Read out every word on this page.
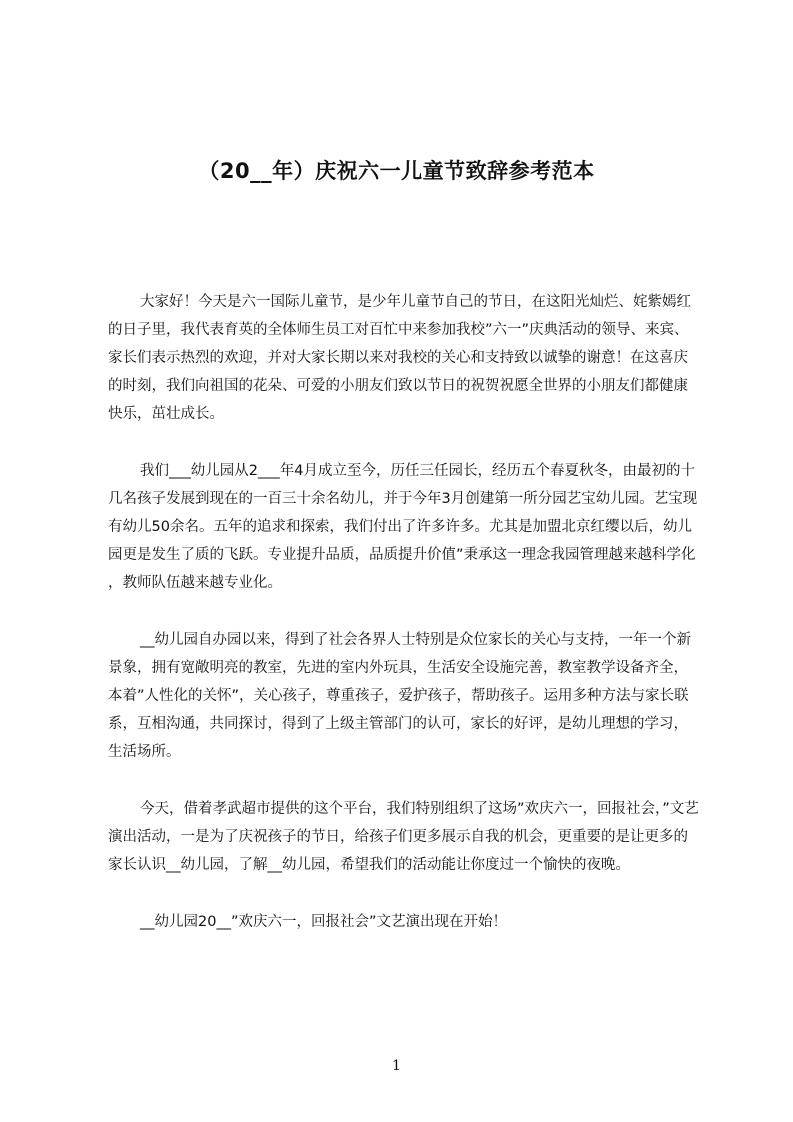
（20__年）庆祝六一儿童节致辞参考范本

大家好！今天是六一国际儿童节，是少年儿童节自己的节日，在这阳光灿烂、姹紫嫣红的日子里，我代表育英的全体师生员工对百忙中来参加我校”六一”庆典活动的领导、来宾、家长们表示热烈的欢迎，并对大家长期以来对我校的关心和支持致以诚挚的谢意！在这喜庆的时刻，我们向祖国的花朵、可爱的小朋友们致以节日的祝贺祝愿全世界的小朋友们都健康快乐，茁壮成长。

我们___幼儿园从2___年4月成立至今，历任三任园长，经历五个春夏秋冬，由最初的十几名孩子发展到现在的一百三十余名幼儿，并于今年3月创建第一所分园艺宝幼儿园。艺宝现有幼儿50余名。五年的追求和探索，我们付出了许多许多。尤其是加盟北京红缨以后，幼儿园更是发生了质的飞跃。专业提升品质，品质提升价值”秉承这一理念我园管理越来越科学化，教师队伍越来越专业化。

__幼儿园自办园以来，得到了社会各界人士特别是众位家长的关心与支持，一年一个新景象，拥有宽敞明亮的教室，先进的室内外玩具，生活安全设施完善，教室教学设备齐全，本着”人性化的关怀”，关心孩子，尊重孩子，爱护孩子，帮助孩子。运用多种方法与家长联系，互相沟通，共同探讨，得到了上级主管部门的认可，家长的好评，是幼儿理想的学习，生活场所。

今天，借着孝武超市提供的这个平台，我们特别组织了这场”欢庆六一，回报社会，”文艺演出活动，一是为了庆祝孩子的节日，给孩子们更多展示自我的机会，更重要的是让更多的家长认识__幼儿园，了解__幼儿园，希望我们的活动能让你度过一个愉快的夜晚。

__幼儿园20__”欢庆六一，回报社会”文艺演出现在开始！

1
